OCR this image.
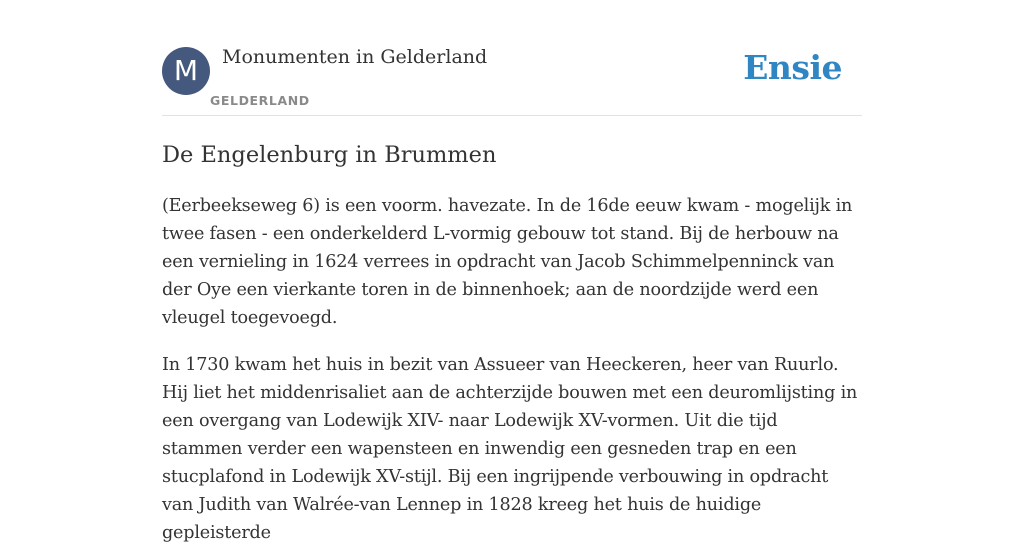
M	Monumenten in Gelderland
GELDERLAND
Ensie
De Engelenburg in Brummen

(Eerbeekseweg 6) is een voorm. havezate. In de 16de eeuw kwam - mogelijk in twee fasen - een onderkelderd L-vormig gebouw tot stand. Bij de herbouw na een vernieling in 1624 verrees in opdracht van Jacob Schimmelpenninck van der Oye een vierkante toren in de binnenhoek; aan de noordzijde werd een vleugel toegevoegd.

In 1730 kwam het huis in bezit van Assueer van Heeckeren, heer van Ruurlo. Hij liet het middenrisaliet aan de achterzijde bouwen met een deuromlijsting in een overgang van Lodewijk XIV- naar Lodewijk XV-vormen. Uit die tijd stammen verder een wapensteen en inwendig een gesneden trap en een stucplafond in Lodewijk XV-stijl. Bij een ingrijpende verbouwing in opdracht van Judith van Walrée-van Lennep in 1828 kreeg het huis de huidige gepleisterde
